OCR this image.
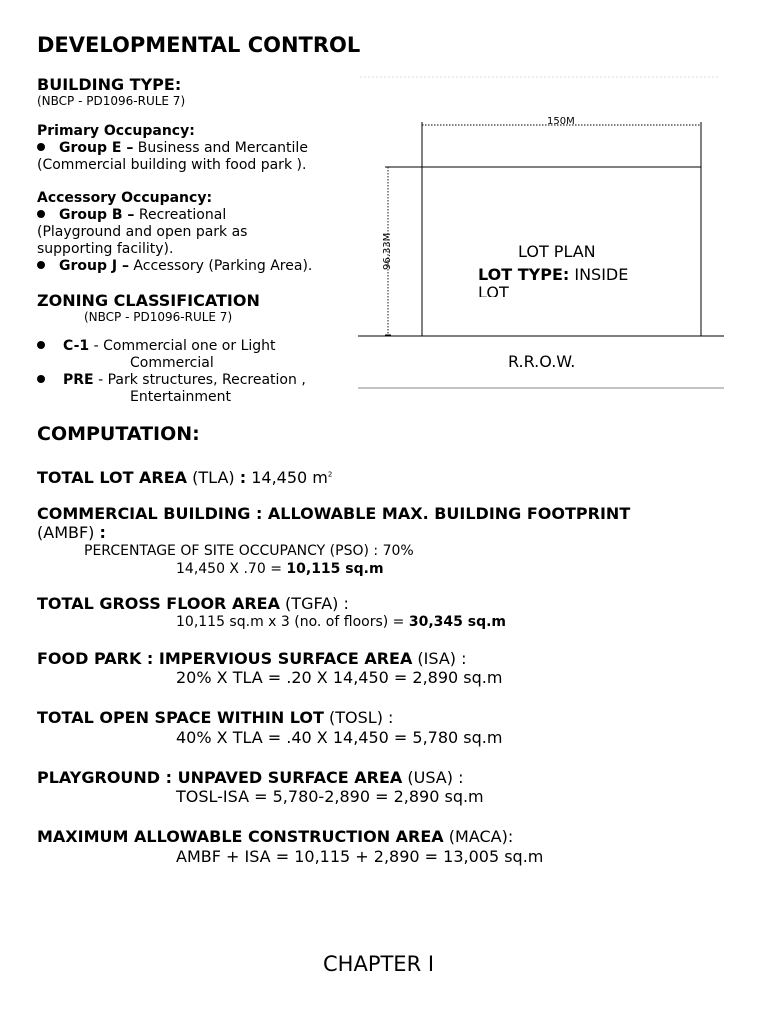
DEVELOPMENTAL CONTROL
BUILDING TYPE:
(NBCP - PD1096-RULE 7)
Primary Occupancy:
Group E – Business and Mercantile
(Commercial building with food park ).
Accessory Occupancy:
Group B – Recreational
(Playground and open park as
supporting facility).
Group J – Accessory (Parking Area).
ZONING CLASSIFICATION
(NBCP - PD1096-RULE 7)
C-1 - Commercial one or Light
Commercial
PRE - Park structures, Recreation ,
Entertainment
150M
96.33M	LOT PLAN
LOT TYPE: INSIDE
LOT
R.R.O.W.
COMPUTATION:
TOTAL LOT AREA (TLA) : 14,450 $m^2$
COMMERCIAL BUILDING : ALLOWABLE MAX. BUILDING FOOTPRINT
(AMBF) :
PERCENTAGE OF SITE OCCUPANCY (PSO) : 70%
14,450 X .70 = 10,115 sq.m
TOTAL GROSS FLOOR AREA (TGFA) :
10,115 sq.m x 3 (no. of floors) = 30,345 sq.m
FOOD PARK : IMPERVIOUS SURFACE AREA (ISA) :
20% X TLA = .20 X 14,450 = 2,890 sq.m
TOTAL OPEN SPACE WITHIN LOT (TOSL) :
40% X TLA = .40 X 14,450 = 5,780 sq.m
PLAYGROUND : UNPAVED SURFACE AREA (USA) :
TOSL-ISA = 5,780-2,890 = 2,890 sq.m
MAXIMUM ALLOWABLE CONSTRUCTION AREA (MACA):
AMBF + ISA = 10,115 + 2,890 = 13,005 sq.m
CHAPTER I
